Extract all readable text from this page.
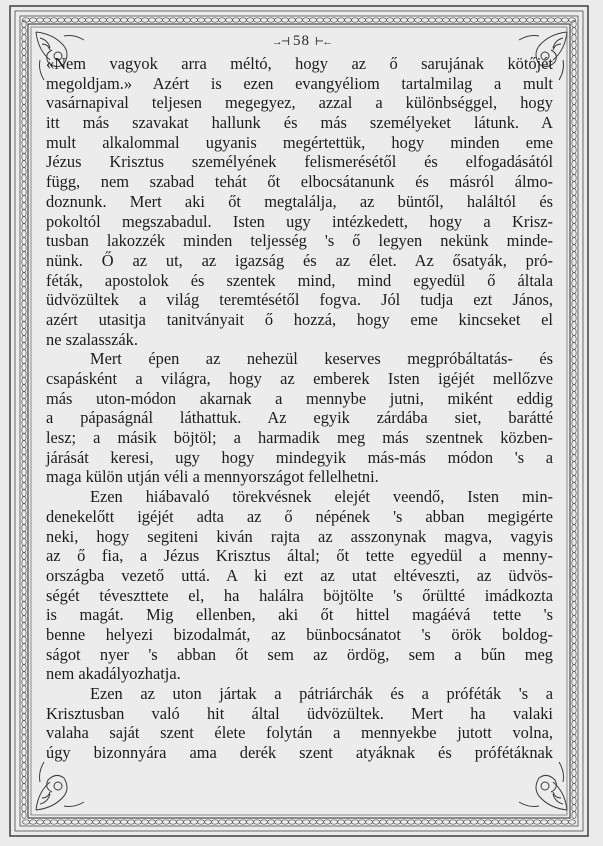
→⊣ 58 ⊢←
«Nem vagyok arra méltó, hogy az ő sarujának kötőjét
megoldjam.» Azért is ezen evangyéliom tartalmilag a mult
vasárnapival teljesen megegyez, azzal a különbséggel, hogy
itt más szavakat hallunk és más személyeket látunk. A
mult alkalommal ugyanis megértettük, hogy minden eme
Jézus Krisztus személyének felismerésétől és elfogadásától
függ, nem szabad tehát őt elbocsátanunk és másról álmo-
doznunk. Mert aki őt megtalálja, az büntől, haláltól és
pokoltól megszabadul. Isten ugy intézkedett, hogy a Krisz-
tusban lakozzék minden teljesség 's ő legyen nekünk minde-
nünk. Ő az ut, az igazság és az élet. Az ősatyák, pró-
féták, apostolok és szentek mind, mind egyedül ő általa
üdvözültek a világ teremtésétől fogva. Jól tudja ezt János,
azért utasitja tanitványait ő hozzá, hogy eme kincseket el
ne szalasszák.
Mert épen az nehezül keserves megpróbáltatás- és
csapásként a világra, hogy az emberek Isten igéjét mellőzve
más uton-módon akarnak a mennybe jutni, miként eddig
a pápaságnál láthattuk. Az egyik zárdába siet, barátté
lesz; a másik böjtöl; a harmadik meg más szentnek közben-
járását keresi, ugy hogy mindegyik más-más módon 's a
maga külön utján véli a mennyországot fellelhetni.
Ezen hiábavaló törekvésnek elejét veendő, Isten min-
denekelőtt igéjét adta az ő népének 's abban megigérte
neki, hogy segiteni kiván rajta az asszonynak magva, vagyis
az ő fia, a Jézus Krisztus által; őt tette egyedül a menny-
országba vezető uttá. A ki ezt az utat eltéveszti, az üdvös-
ségét téveszttete el, ha halálra böjtölte 's őrültté imádkozta
is magát. Mig ellenben, aki őt hittel magáévá tette 's
benne helyezi bizodalmát, az bünbocsánatot 's örök boldog-
ságot nyer 's abban őt sem az ördög, sem a bűn meg
nem akadályozhatja.
Ezen az uton jártak a pátriárchák és a próféták 's a
Krisztusban való hit által üdvözültek. Mert ha valaki
valaha saját szent élete folytán a mennyekbe jutott volna,
úgy bizonnyára ama derék szent atyáknak és prófétáknak
